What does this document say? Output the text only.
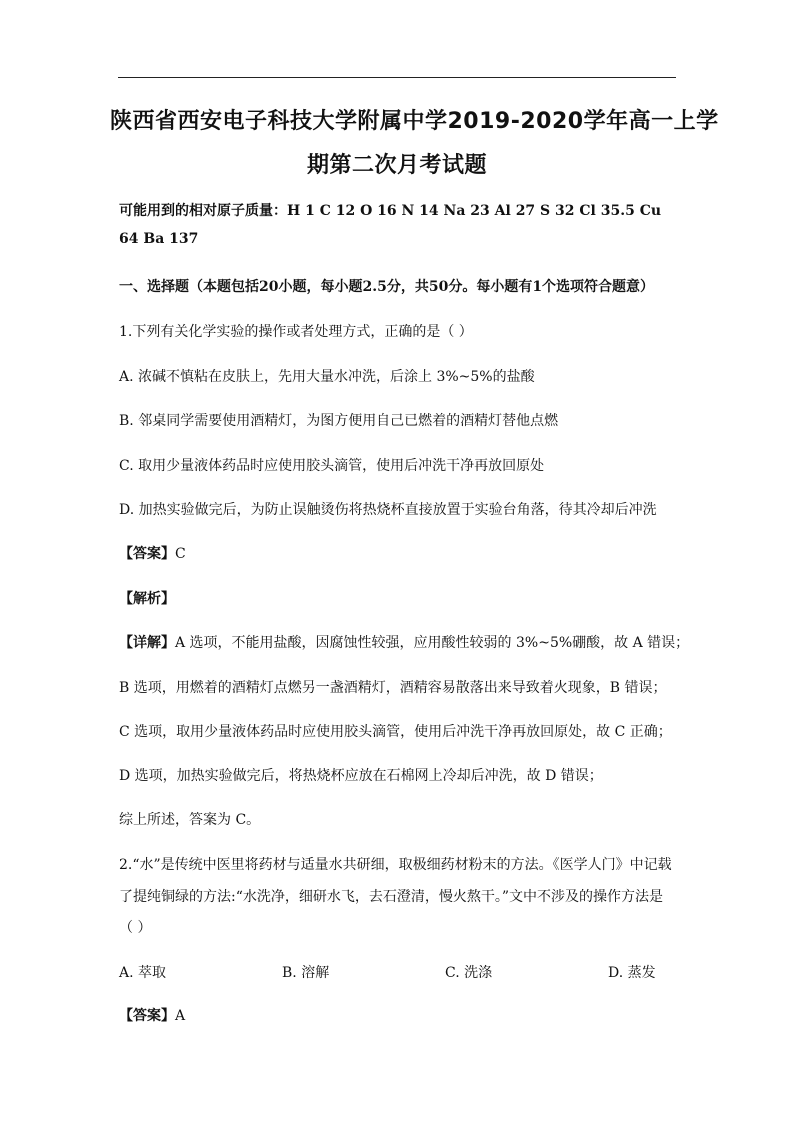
陕西省西安电子科技大学附属中学2019-2020学年高一上学
期第二次月考试题
可能用到的相对原子质量：H 1 C 12 O 16 N 14 Na 23 Al 27 S 32 Cl 35.5 Cu
64 Ba 137
一、选择题（本题包括20小题，每小题2.5分，共50分。每小题有1个选项符合题意）
1.下列有关化学实验的操作或者处理方式，正确的是（ ）
A. 浓碱不慎粘在皮肤上，先用大量水冲洗，后涂上 3%~5%的盐酸
B. 邻桌同学需要使用酒精灯，为图方便用自己已燃着的酒精灯替他点燃
C. 取用少量液体药品时应使用胶头滴管，使用后冲洗干净再放回原处
D. 加热实验做完后，为防止误触烫伤将热烧杯直接放置于实验台角落，待其冷却后冲洗
【答案】C
【解析】
【详解】A 选项，不能用盐酸，因腐蚀性较强，应用酸性较弱的 3%~5%硼酸，故 A 错误；
B 选项，用燃着的酒精灯点燃另一盏酒精灯，酒精容易散落出来导致着火现象，B 错误；
C 选项，取用少量液体药品时应使用胶头滴管，使用后冲洗干净再放回原处，故 C 正确；
D 选项，加热实验做完后，将热烧杯应放在石棉网上冷却后冲洗，故 D 错误；
综上所述，答案为 C。
2.“水”是传统中医里将药材与适量水共研细，取极细药材粉末的方法。《医学人门》中记载
了提纯铜绿的方法:“水洗净，细研水飞，去石澄清，慢火熬干。”文中不涉及的操作方法是
（ ）
A. 萃取	B. 溶解	C. 洗涤	D. 蒸发
【答案】A
